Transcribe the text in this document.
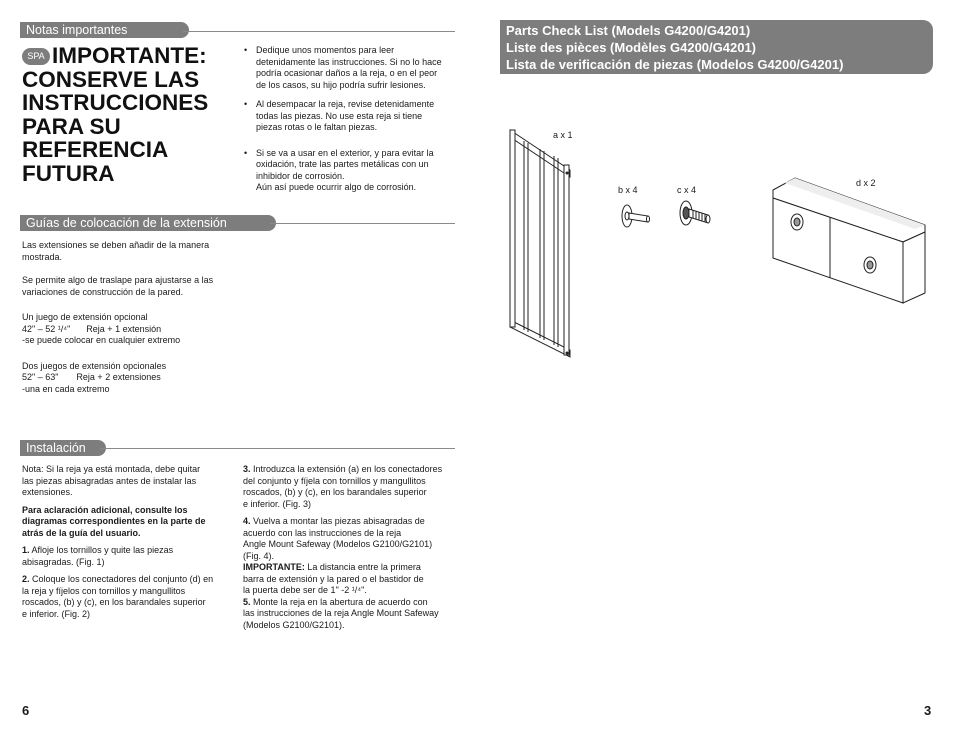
Notas importantes
SPA IMPORTANTE:
CONSERVE LAS
INSTRUCCIONES
PARA SU
REFERENCIA
FUTURA
• Dedique unos momentos para leer
detenidamente las instrucciones. Si no lo hace
podría ocasionar daños a la reja, o en el peor
de los casos, su hijo podría sufrir lesiones.
• Al desempacar la reja, revise detenidamente
todas las piezas. No use esta reja si tiene
piezas rotas o le faltan piezas.
• Si se va a usar en el exterior, y para evitar la
oxidación, trate las partes metálicas con un
inhibidor de corrosión.
Aún así puede ocurrir algo de corrosión.
Guías de colocación de la extensión

Las extensiones se deben añadir de la manera
mostrada.

Se permite algo de traslape para ajustarse a las
variaciones de construcción de la pared.

Un juego de extensión opcional
42" – 52 ¹/⁴" Reja + 1 extensión
-se puede colocar en cualquier extremo

Dos juegos de extensión opcionales
52" – 63" Reja + 2 extensiones
-una en cada extremo

Instalación

Nota: Si la reja ya está montada, debe quitar
las piezas abisagradas antes de instalar las
extensiones.

Para aclaración adicional, consulte los
diagramas correspondientes en la parte de
atrás de la guía del usuario.

1. Afloje los tornillos y quite las piezas
abisagradas. (Fig. 1)

2. Coloque los conectadores del conjunto (d) en
la reja y fíjelos con tornillos y mangullitos
roscados, (b) y (c), en los barandales superior
e inferior. (Fig. 2)

3. Introduzca la extensión (a) en los conectadores
del conjunto y fíjela con tornillos y mangullitos
roscados, (b) y (c), en los barandales superior
e inferior. (Fig. 3)

4. Vuelva a montar las piezas abisagradas de
acuerdo con las instrucciones de la reja
Angle Mount Safeway (Modelos G2100/G2101)
(Fig. 4).

IMPORTANTE: La distancia entre la primera
barra de extensión y la pared o el bastidor de
la puerta debe ser de 1" -2 ¹/⁴".

5. Monte la reja en la abertura de acuerdo con
las instrucciones de la reja Angle Mount Safeway
(Modelos G2100/G2101).

6
Parts Check List (Models G4200/G4201)
Liste des pièces (Modèles G4200/G4201)
Lista de verificación de piezas (Modelos G4200/G4201)
a x 1
b x 4	c x 4
d x 2
3
